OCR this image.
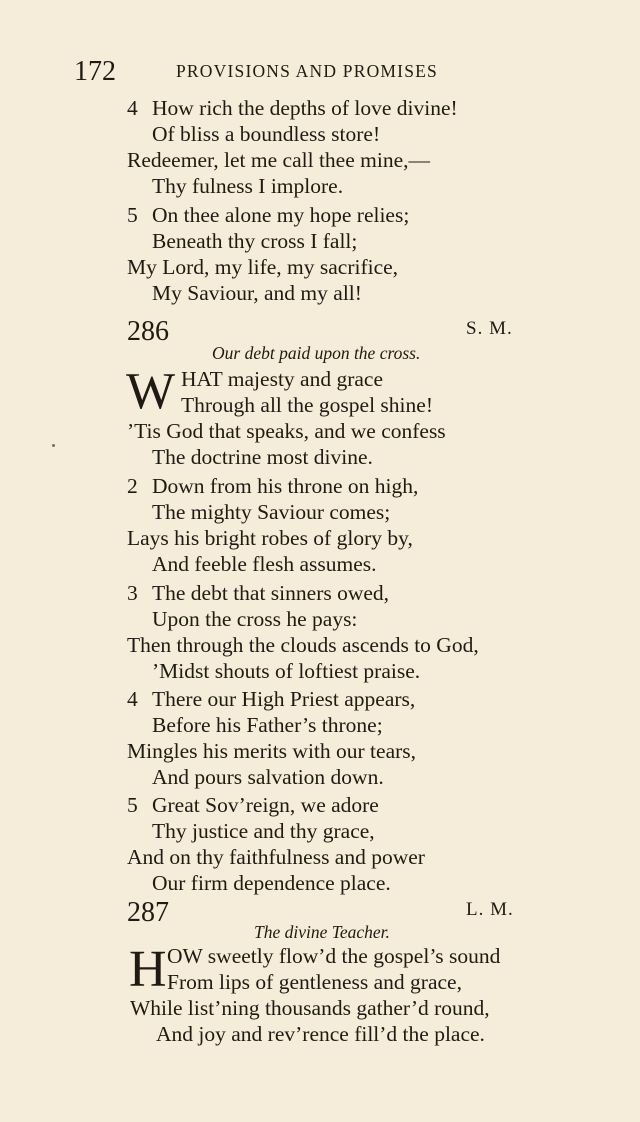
172	PROVISIONS AND PROMISES
4 How rich the depths of love divine!
Of bliss a boundless store!
Redeemer, let me call thee mine,—
Thy fulness I implore.
5 On thee alone my hope relies;
Beneath thy cross I fall;
My Lord, my life, my sacrifice,
My Saviour, and my all!
286	S. M.
Our debt paid upon the cross.
W HAT majesty and grace
Through all the gospel shine!
’Tis God that speaks, and we confess
The doctrine most divine.
2 Down from his throne on high,
The mighty Saviour comes;
Lays his bright robes of glory by,
And feeble flesh assumes.
3 The debt that sinners owed,
Upon the cross he pays:
Then through the clouds ascends to God,
’Midst shouts of loftiest praise.
4 There our High Priest appears,
Before his Father’s throne;
Mingles his merits with our tears,
And pours salvation down.
5 Great Sov’reign, we adore
Thy justice and thy grace,
And on thy faithfulness and power
Our firm dependence place.
287	L. M.
The divine Teacher.
H OW sweetly flow’d the gospel’s sound
From lips of gentleness and grace,
While list’ning thousands gather’d round,
And joy and rev’rence fill’d the place.
